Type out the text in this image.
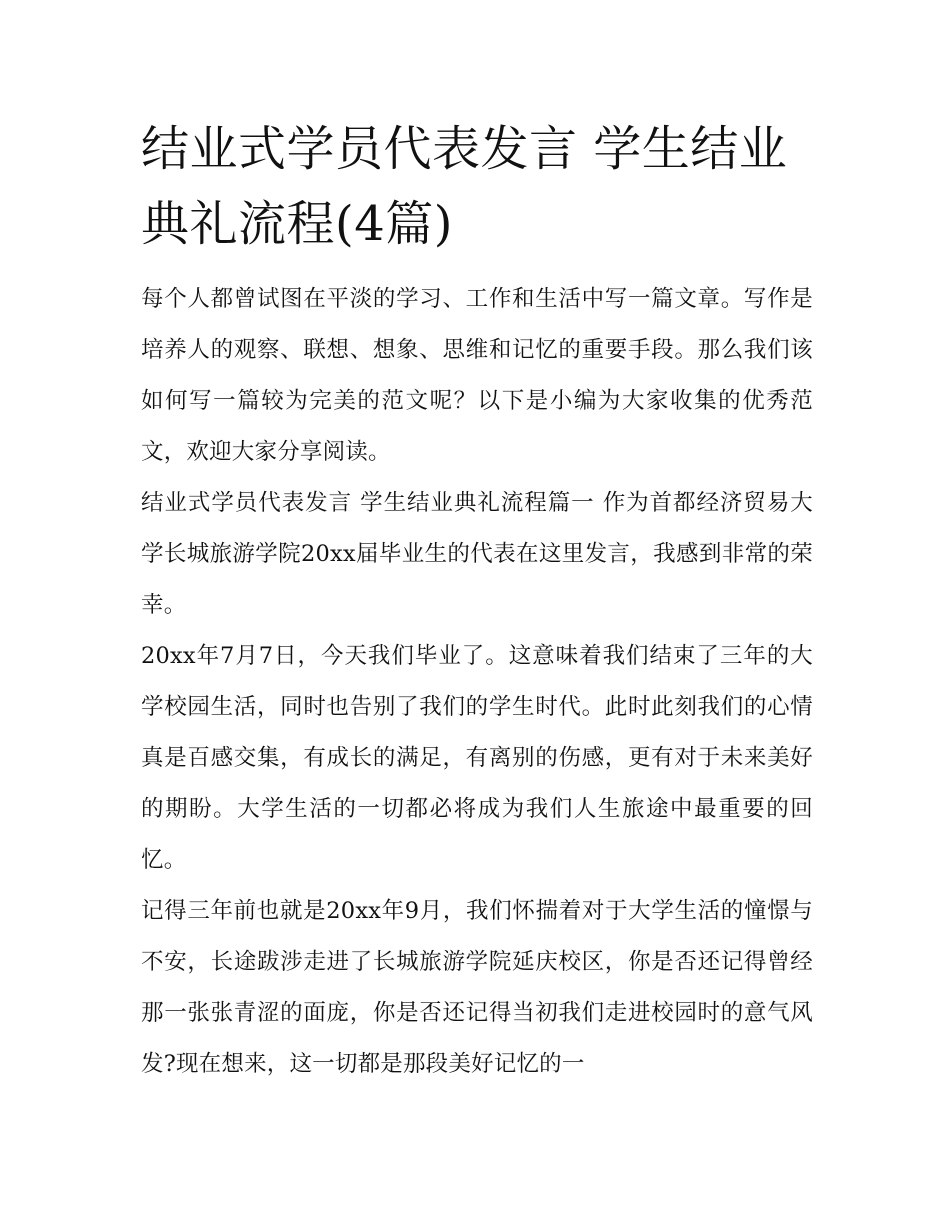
结业式学员代表发言 学生结业典礼流程(4篇)

每个人都曾试图在平淡的学习、工作和生活中写一篇文章。写作是培养人的观察、联想、想象、思维和记忆的重要手段。那么我们该如何写一篇较为完美的范文呢？以下是小编为大家收集的优秀范文，欢迎大家分享阅读。

结业式学员代表发言 学生结业典礼流程篇一 作为首都经济贸易大学长城旅游学院20xx届毕业生的代表在这里发言，我感到非常的荣幸。

20xx年7月7日，今天我们毕业了。这意味着我们结束了三年的大学校园生活，同时也告别了我们的学生时代。此时此刻我们的心情真是百感交集，有成长的满足，有离别的伤感，更有对于未来美好的期盼。大学生活的一切都必将成为我们人生旅途中最重要的回忆。

记得三年前也就是20xx年9月，我们怀揣着对于大学生活的憧憬与不安，长途跋涉走进了长城旅游学院延庆校区，你是否还记得曾经那一张张青涩的面庞，你是否还记得当初我们走进校园时的意气风发?现在想来，这一切都是那段美好记忆的一
